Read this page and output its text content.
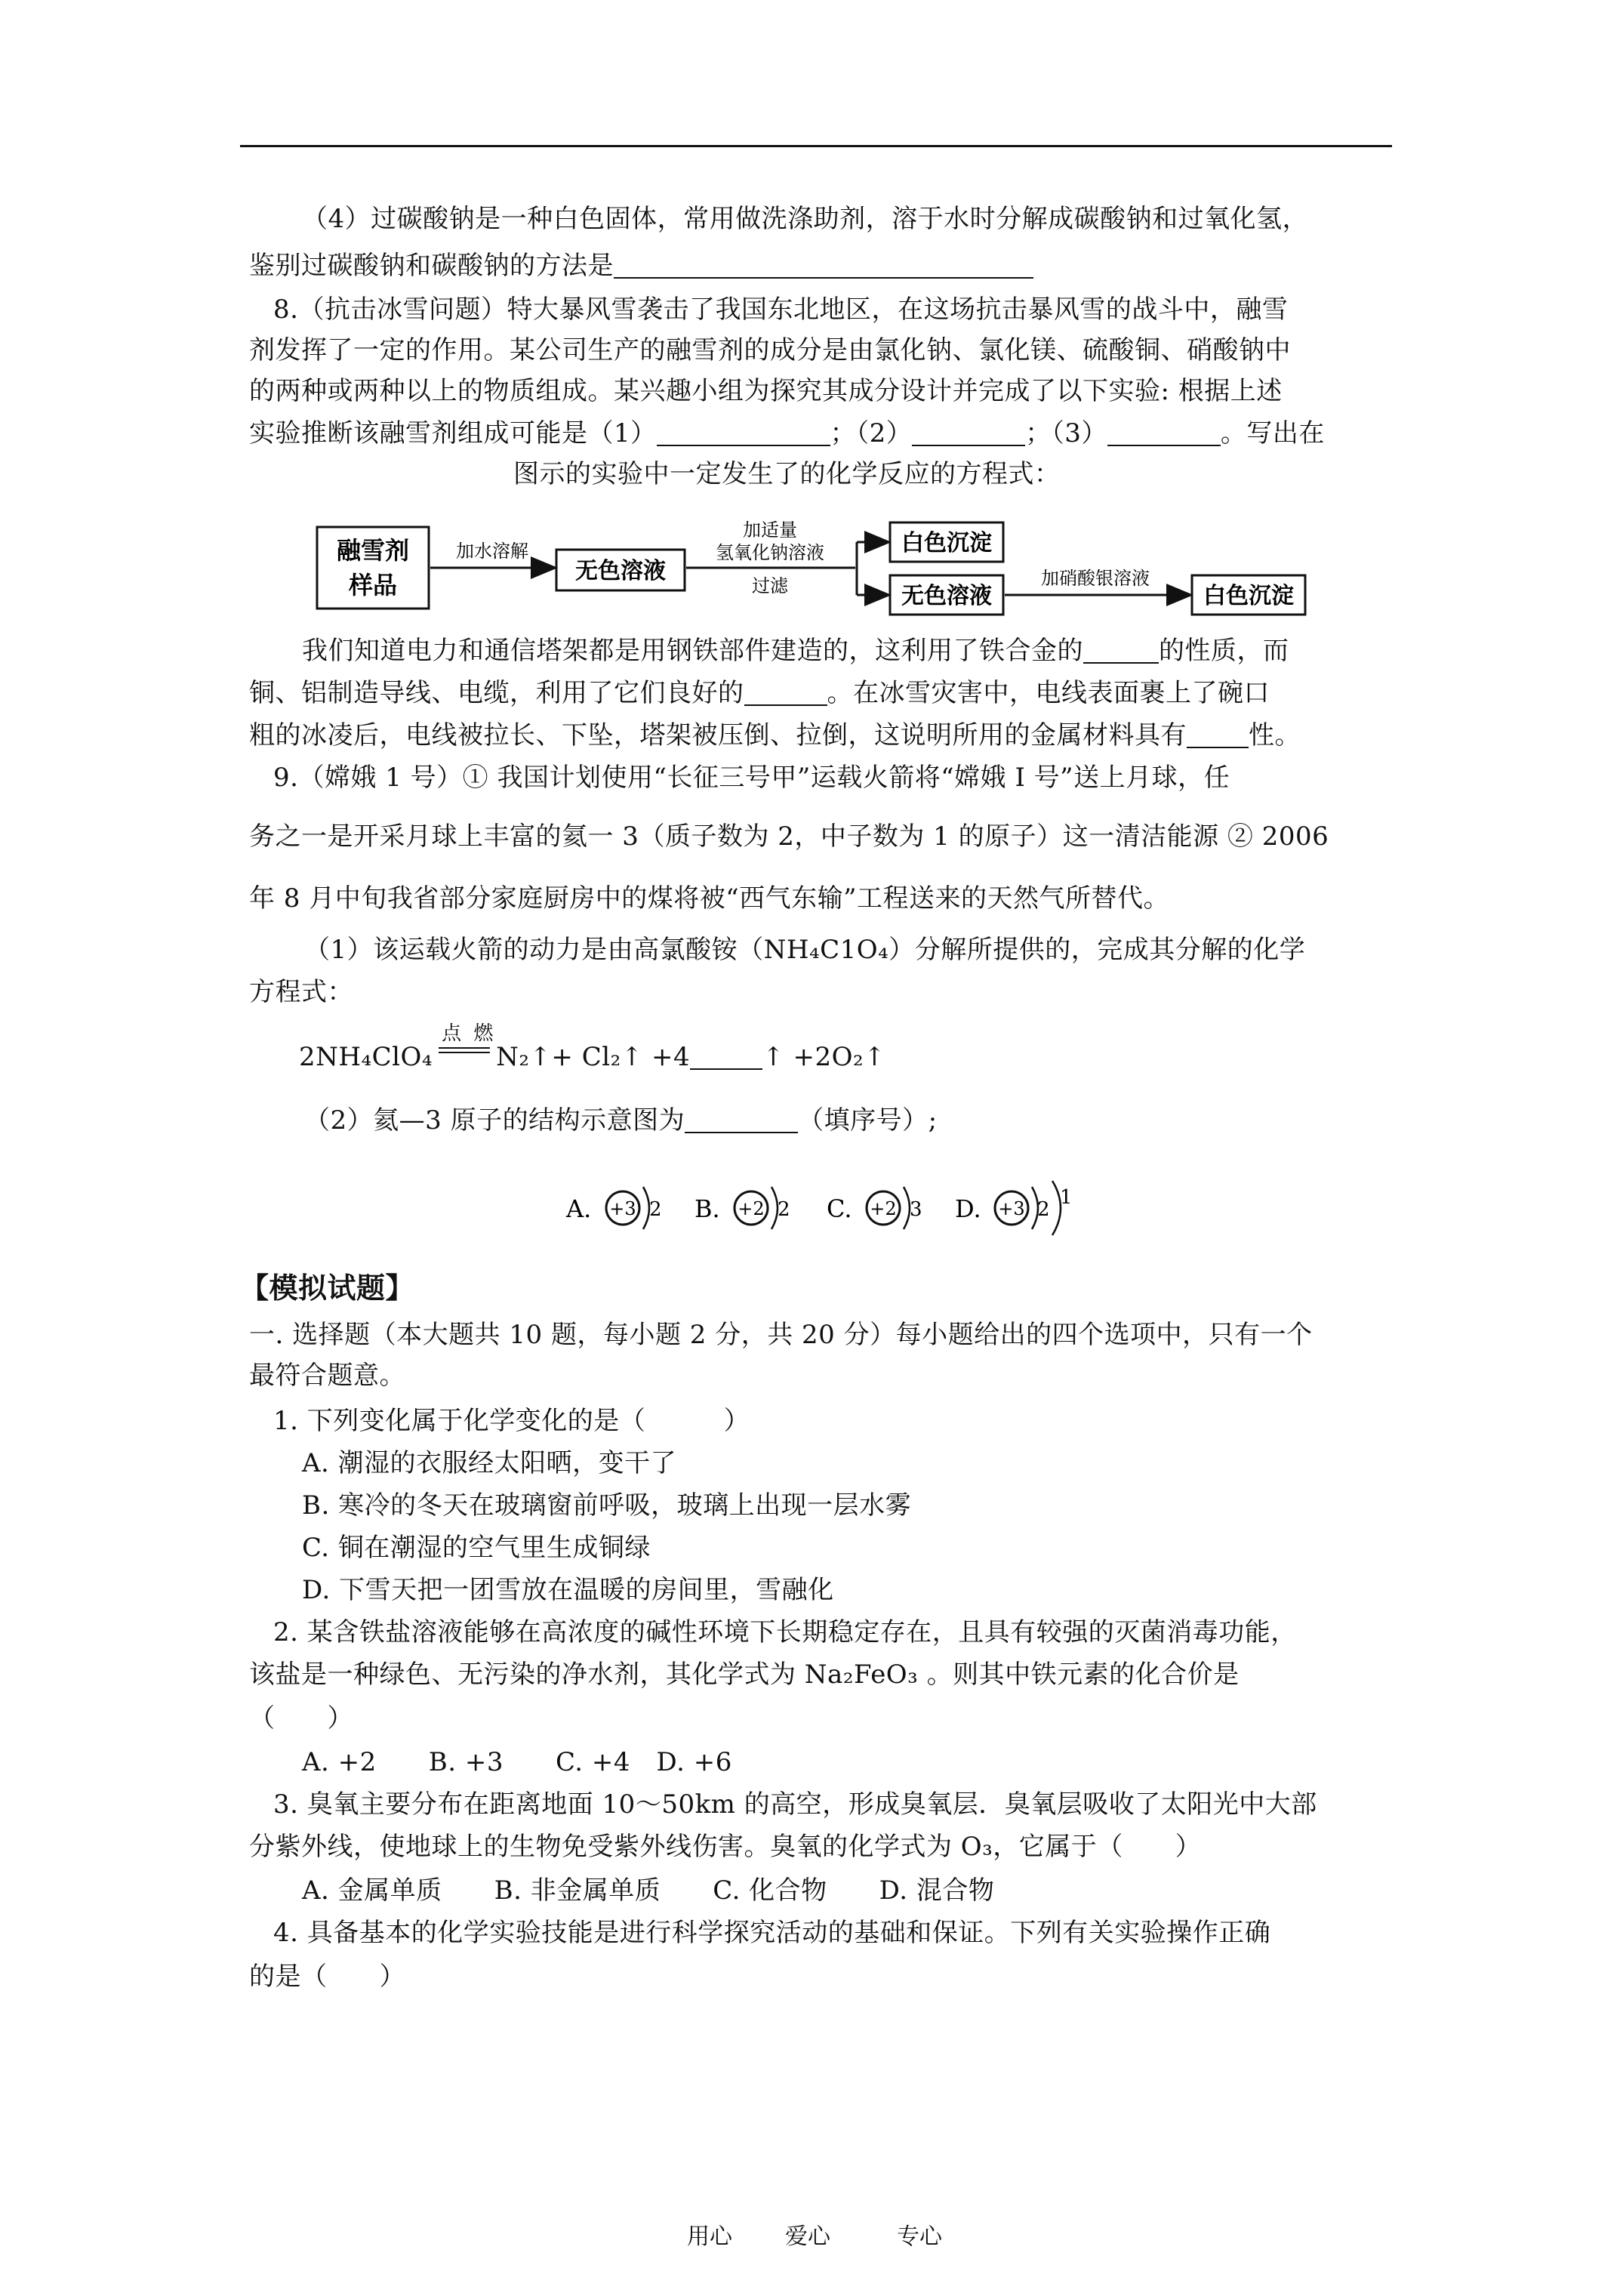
（4）过碳酸钠是一种白色固体，常用做洗涤助剂，溶于水时分解成碳酸钠和过氧化氢，
鉴别过碳酸钠和碳酸钠的方法是
8.（抗击冰雪问题）特大暴风雪袭击了我国东北地区，在这场抗击暴风雪的战斗中，融雪
剂发挥了一定的作用。某公司生产的融雪剂的成分是由氯化钠、氯化镁、硫酸铜、硝酸钠中
的两种或两种以上的物质组成。某兴趣小组为探究其成分设计并完成了以下实验: 根据上述
实验推断该融雪剂组成可能是（1）	；（2）	；（3）	。写出在
图示的实验中一定发生了的化学反应的方程式：
融雪剂
样品
加水溶解
无色溶液
加适量
氢氧化钠溶液
过滤
白色沉淀
无色溶液
加硝酸银溶液
白色沉淀
我们知道电力和通信塔架都是用钢铁部件建造的，这利用了铁合金的	的性质，而
铜、铝制造导线、电缆，利用了它们良好的	。在冰雪灾害中，电线表面裹上了碗口
粗的冰凌后，电线被拉长、下坠，塔架被压倒、拉倒，这说明所用的金属材料具有 性。
9.（嫦娥 1 号）① 我国计划使用“长征三号甲”运载火箭将“嫦娥 I 号”送上月球，任
务之一是开采月球上丰富的氦一 3（质子数为 2，中子数为 1 的原子）这一清洁能源 ② 2006
年 8 月中旬我省部分家庭厨房中的煤将被“西气东输”工程送来的天然气所替代。
（1）该运载火箭的动力是由高氯酸铵（NH₄C1O₄）分解所提供的，完成其分解的化学
方程式：
2NH₄ClO₄
点 燃
N₂↑+ Cl₂↑ +4	↑ +2O₂↑
（2）氦—3 原子的结构示意图为	（填序号）;
A. +3 2 B. +2 2 C. +2 3 D. +3 2
1
【模拟试题】
一. 选择题（本大题共 10 题，每小题 2 分，共 20 分）每小题给出的四个选项中，只有一个
最符合题意。
1. 下列变化属于化学变化的是（　　　）
A. 潮湿的衣服经太阳晒，变干了
B. 寒冷的冬天在玻璃窗前呼吸，玻璃上出现一层水雾
C. 铜在潮湿的空气里生成铜绿
D. 下雪天把一团雪放在温暖的房间里，雪融化
2. 某含铁盐溶液能够在高浓度的碱性环境下长期稳定存在，且具有较强的灭菌消毒功能，
该盐是一种绿色、无污染的净水剂，其化学式为 Na₂FeO₃ 。则其中铁元素的化合价是
（　　）
A. +2　　B. +3　　C. +4　D. +6
3. 臭氧主要分布在距离地面 10～50km 的高空，形成臭氧层．臭氧层吸收了太阳光中大部
分紫外线，使地球上的生物免受紫外线伤害。臭氧的化学式为 O₃，它属于（　　）
A. 金属单质　　B. 非金属单质　　C. 化合物　　D. 混合物
4. 具备基本的化学实验技能是进行科学探究活动的基础和保证。下列有关实验操作正确
的是（　　）
用心 爱心	专心
